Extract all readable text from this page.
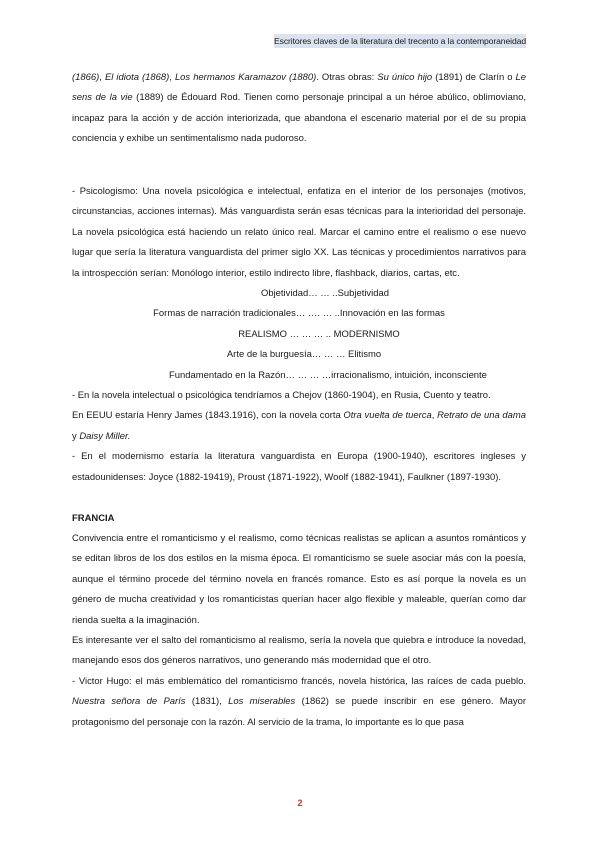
Escritores claves de la literatura del trecento a la contemporaneidad

(1866), El idiota (1868), Los hermanos Karamazov (1880). Otras obras: Su único hijo (1891) de Clarín o Le sens de la vie (1889) de Édouard Rod. Tienen como personaje principal a un héroe abúlico, oblimoviano, incapaz para la acción y de acción interiorizada, que abandona el escenario material por el de su propia conciencia y exhibe un sentimentalismo nada pudoroso.

- Psicologismo: Una novela psicológica e intelectual, enfatiza en el interior de los personajes (motivos, circunstancias, acciones internas). Más vanguardista serán esas técnicas para la interioridad del personaje. La novela psicológica está haciendo un relato único real. Marcar el camino entre el realismo o ese nuevo lugar que sería la literatura vanguardista del primer siglo XX. Las técnicas y procedimientos narrativos para la introspección serían: Monólogo interior, estilo indirecto libre, flashback, diarios, cartas, etc.

Objetividad… … ..Subjetividad

Formas de narración tradicionales… …. … ..Innovación en las formas

REALISMO … … … .. MODERNISMO

Arte de la burguesía… … … Elitismo

Fundamentado en la Razón… … … …irracionalismo, intuición, inconsciente

- En la novela intelectual o psicológica tendríamos a Chejov (1860-1904), en Rusia, Cuento y teatro.

En EEUU estaría Henry James (1843.1916), con la novela corta Otra vuelta de tuerca, Retrato de una dama y Daisy Miller.

- En el modernismo estaría la literatura vanguardista en Europa (1900-1940), escritores ingleses y estadounidenses: Joyce (1882-19419), Proust (1871-1922), Woolf (1882-1941), Faulkner (1897-1930).

FRANCIA

Convivencia entre el romanticismo y el realismo, como técnicas realistas se aplican a asuntos románticos y se editan libros de los dos estilos en la misma época. El romanticismo se suele asociar más con la poesía, aunque el término procede del término novela en francés romance. Esto es así porque la novela es un género de mucha creatividad y los romanticistas querían hacer algo flexible y maleable, querían como dar rienda suelta a la imaginación.

Es interesante ver el salto del romanticismo al realismo, sería la novela que quiebra e introduce la novedad, manejando esos dos géneros narrativos, uno generando más modernidad que el otro.

- Victor Hugo: el más emblemático del romanticismo francés, novela histórica, las raíces de cada pueblo. Nuestra señora de París (1831), Los miserables (1862) se puede inscribir en ese género. Mayor protagonismo del personaje con la razón. Al servicio de la trama, lo importante es lo que pasa

2
